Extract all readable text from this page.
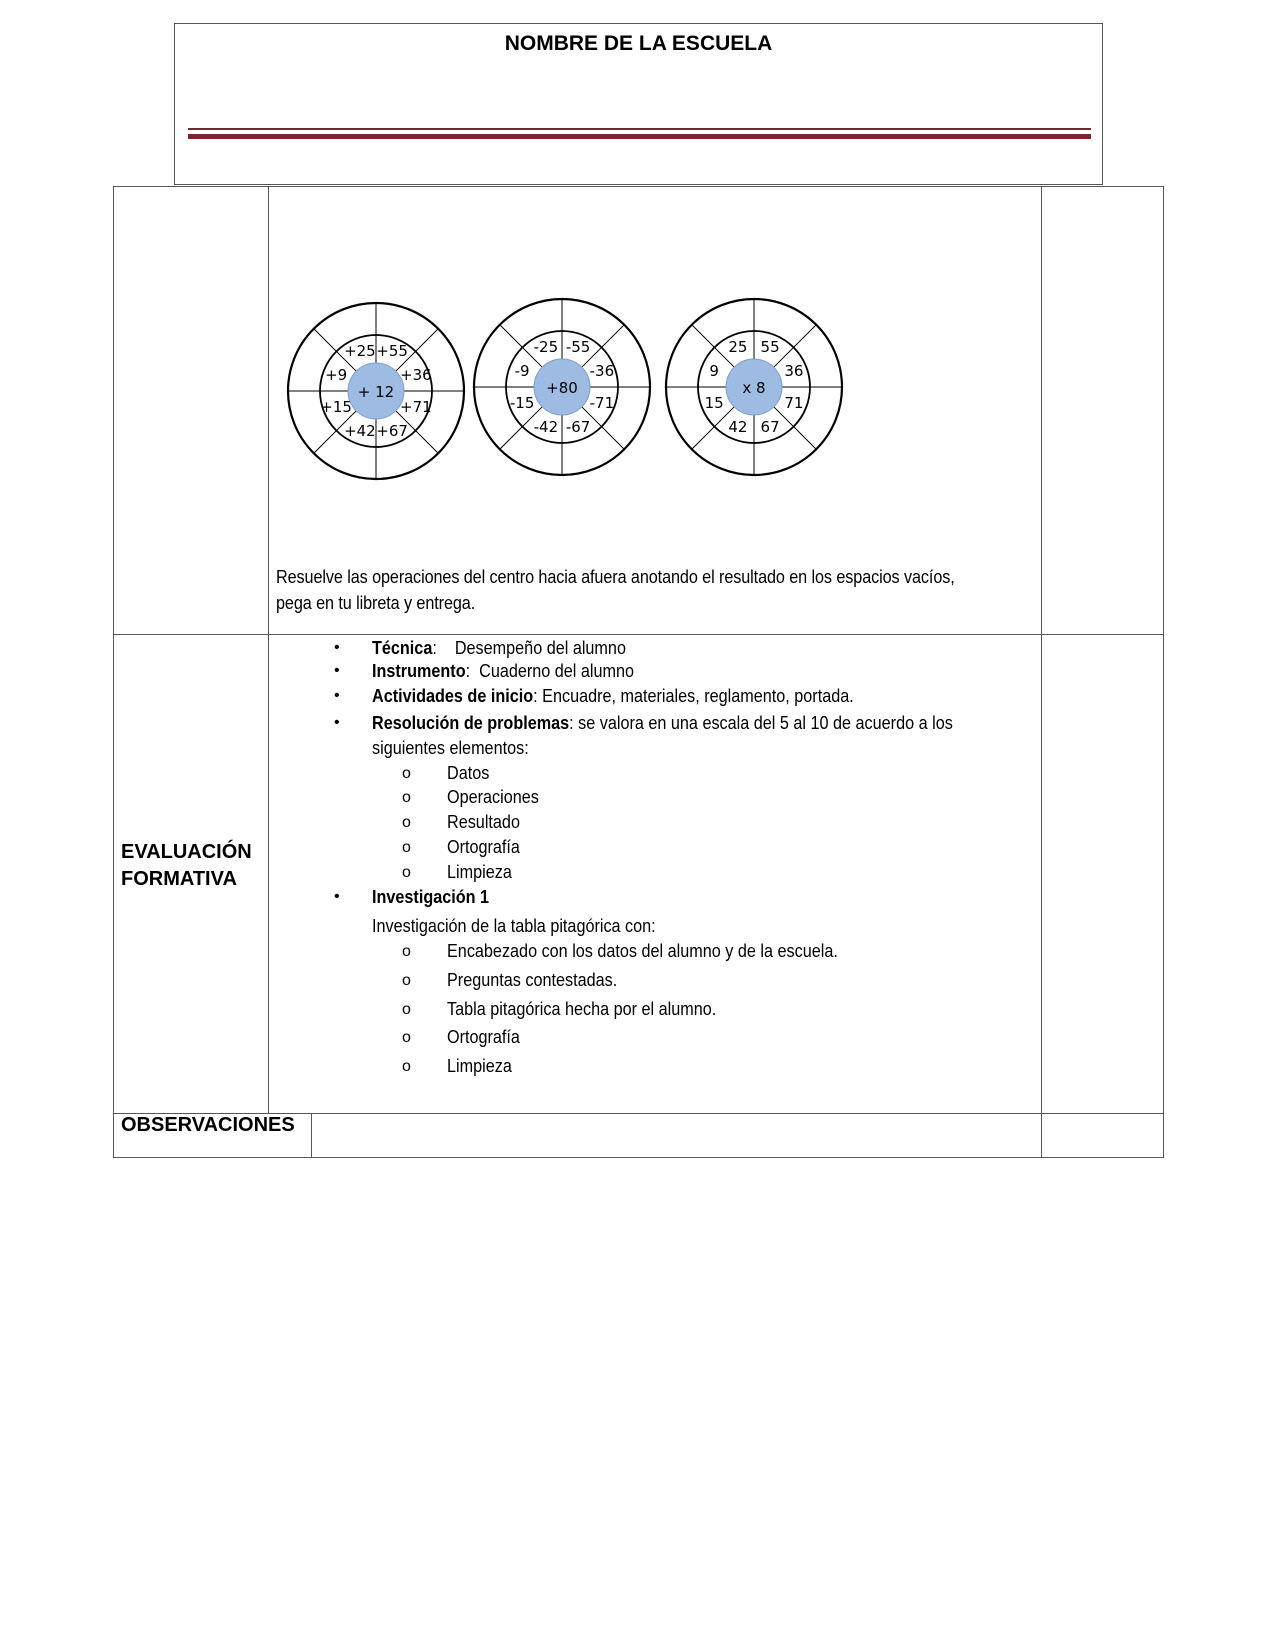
NOMBRE DE LA ESCUELA
+ 12
+25 +55
+36
+71
+67
+42
+15
+9
+80
-25 -55
-36
-71
-67
-42
-15
-9
x 8
25 55
36
71
67
42
15
9
Resuelve las operaciones del centro hacia afuera anotando el resultado en los espacios vacíos, pega en tu libreta y entrega.
EVALUACIÓN
FORMATIVA
OBSERVACIONES
Técnica:    Desempeño del alumno
•
Instrumento:  Cuaderno del alumno
•
Actividades de inicio: Encuadre, materiales, reglamento, portada.
•
Resolución de problemas: se valora en una escala del 5 al 10 de acuerdo a los
•
siguientes elementos:
Datos
o
Operaciones
o
Resultado
o
Ortografía
o
Limpieza
o
Investigación 1
•
Investigación de la tabla pitagórica con:
Encabezado con los datos del alumno y de la escuela.
o
Preguntas contestadas.
o
Tabla pitagórica hecha por el alumno.
o
Ortografía
o
Limpieza
o
